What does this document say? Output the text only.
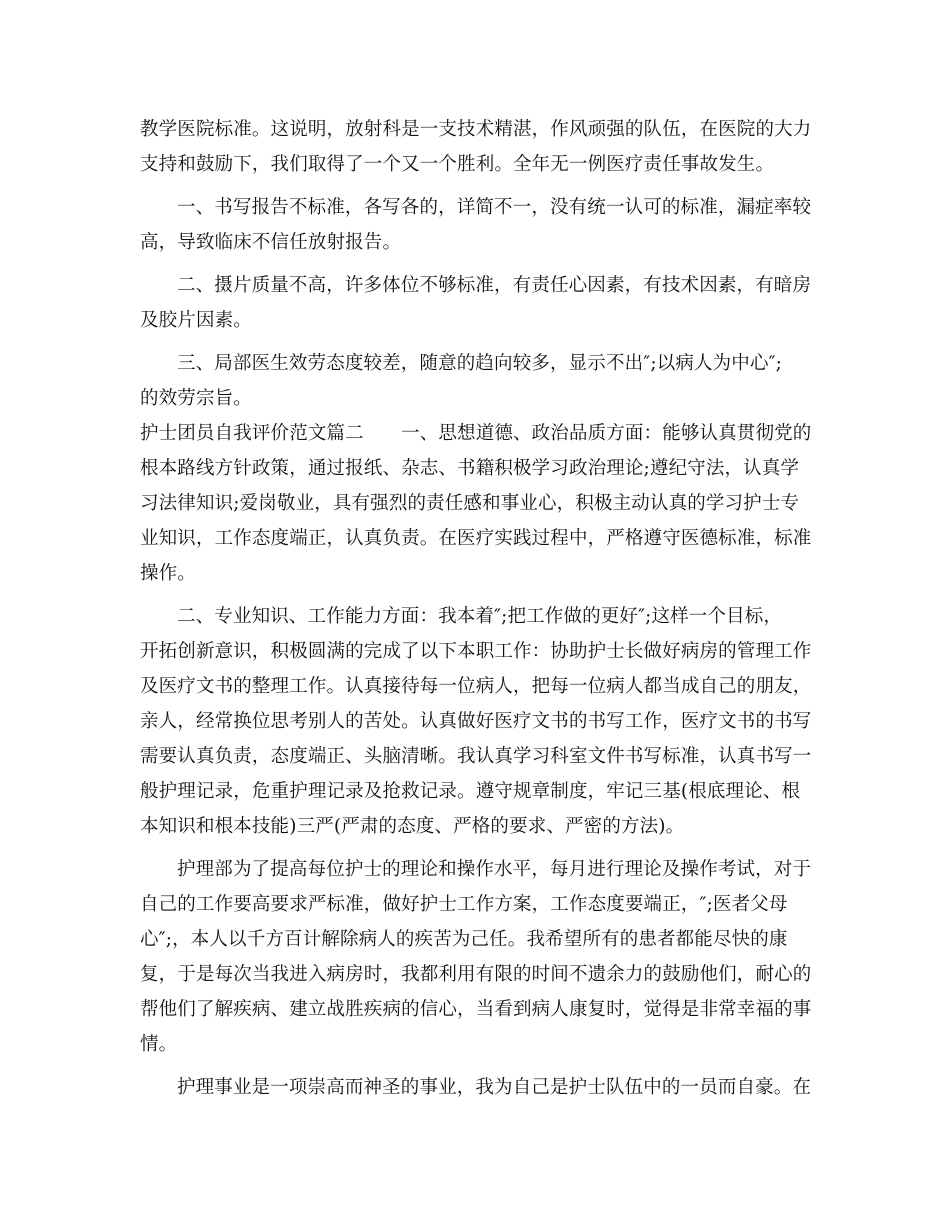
教学医院标准。这说明，放射科是一支技术精湛，作风顽强的队伍，在医院的大力
支持和鼓励下，我们取得了一个又一个胜利。全年无一例医疗责任事故发生。
一、书写报告不标准，各写各的，详简不一，没有统一认可的标准，漏症率较
高，导致临床不信任放射报告。
二、摄片质量不高，许多体位不够标准，有责任心因素，有技术因素，有暗房
及胶片因素。
三、局部医生效劳态度较差，随意的趋向较多，显示不出″;以病人为中心″;
的效劳宗旨。
护士团员自我评价范文篇二　　一、思想道德、政治品质方面：能够认真贯彻党的
根本路线方针政策，通过报纸、杂志、书籍积极学习政治理论;遵纪守法，认真学
习法律知识;爱岗敬业，具有强烈的责任感和事业心，积极主动认真的学习护士专
业知识，工作态度端正，认真负责。在医疗实践过程中，严格遵守医德标准，标准
操作。
二、专业知识、工作能力方面：我本着″;把工作做的更好″;这样一个目标，
开拓创新意识，积极圆满的完成了以下本职工作：协助护士长做好病房的管理工作
及医疗文书的整理工作。认真接待每一位病人，把每一位病人都当成自己的朋友，
亲人，经常换位思考别人的苦处。认真做好医疗文书的书写工作，医疗文书的书写
需要认真负责，态度端正、头脑清晰。我认真学习科室文件书写标准，认真书写一
般护理记录，危重护理记录及抢救记录。遵守规章制度，牢记三基(根底理论、根
本知识和根本技能)三严(严肃的态度、严格的要求、严密的方法)。
护理部为了提高每位护士的理论和操作水平，每月进行理论及操作考试，对于
自己的工作要高要求严标准，做好护士工作方案，工作态度要端正，″;医者父母
心″;，本人以千方百计解除病人的疾苦为己任。我希望所有的患者都能尽快的康
复，于是每次当我进入病房时，我都利用有限的时间不遗余力的鼓励他们，耐心的
帮他们了解疾病、建立战胜疾病的信心，当看到病人康复时，觉得是非常幸福的事
情。
护理事业是一项崇高而神圣的事业，我为自己是护士队伍中的一员而自豪。在
